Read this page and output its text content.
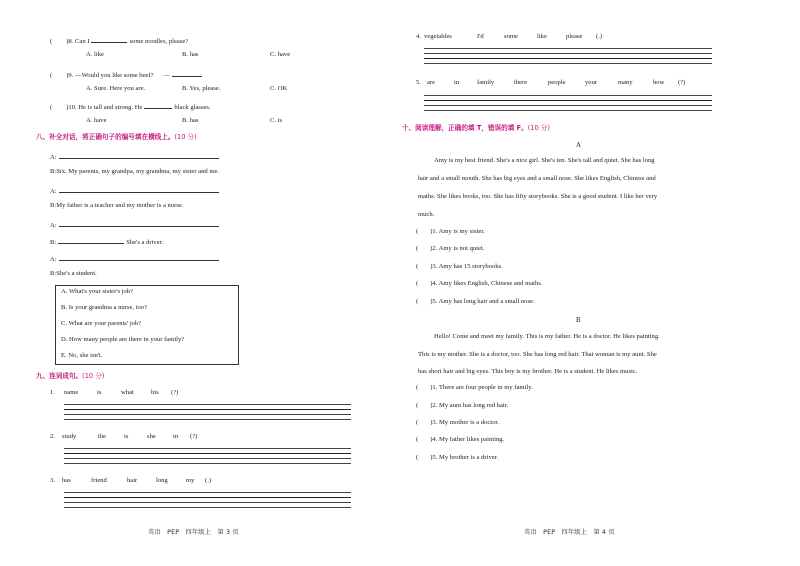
( )8. Can I	some noodles, please?
A. like	B. has	C. have
( )9. —Would you like some beef? —
A. Sure. Here you are.	B. Yes, please.	C. OK
( )10. He is tall and strong. He	black glasses.
A. have	B. has	C. is
八、补全对话，将正确句子的编号填在横线上。(10 分)
A:
B:Six. My parents, my grandpa, my grandma, my sister and me.
A:
B:My father is a teacher and my mother is a nurse.
A:
B:	She's a driver.
A:
B:She's a student.
A. What's your sister's job?
B. Is your grandma a nurse, too?
C. What are your parents' job?
D. How many people are there in your family?
E. No, she isn't.
九、连词成句。(10 分)
1. name	is	what	his (?)
2. study	the	is	she	in (?)
3. has	friend	hair	long	my (.)
英语　PEP　四年级上　第 3 页
4. vegetables	I'd	some	like	please (.)
5. are	in	family	there	people	your	many	how (?)
十、阅读理解，正确的填 T，错误的填 F。(10 分)
A
Amy is my best friend. She's a nice girl. She's ten. She's tall and quiet. She has long
hair and a small mouth. She has big eyes and a small nose. She likes English, Chinese and
maths. She likes books, too. She has fifty storybooks. She is a good student. I like her very
much.
( )1. Amy is my sister.
( )2. Amy is not quiet.
( )3. Amy has 15 storybooks.
( )4. Amy likes English, Chinese and maths.
( )5. Amy has long hair and a small nose.
B
Hello! Come and meet my family. This is my father. He is a doctor. He likes painting.
This is my mother. She is a doctor, too. She has long red hair. That woman is my aunt. She
has short hair and big eyes. This boy is my brother. He is a student. He likes music.
( )1. There are four people in my family.
( )2. My aunt has long red hair.
( )3. My mother is a doctor.
( )4. My father likes painting.
( )5. My brother is a driver.
英语　PEP　四年级上　第 4 页
